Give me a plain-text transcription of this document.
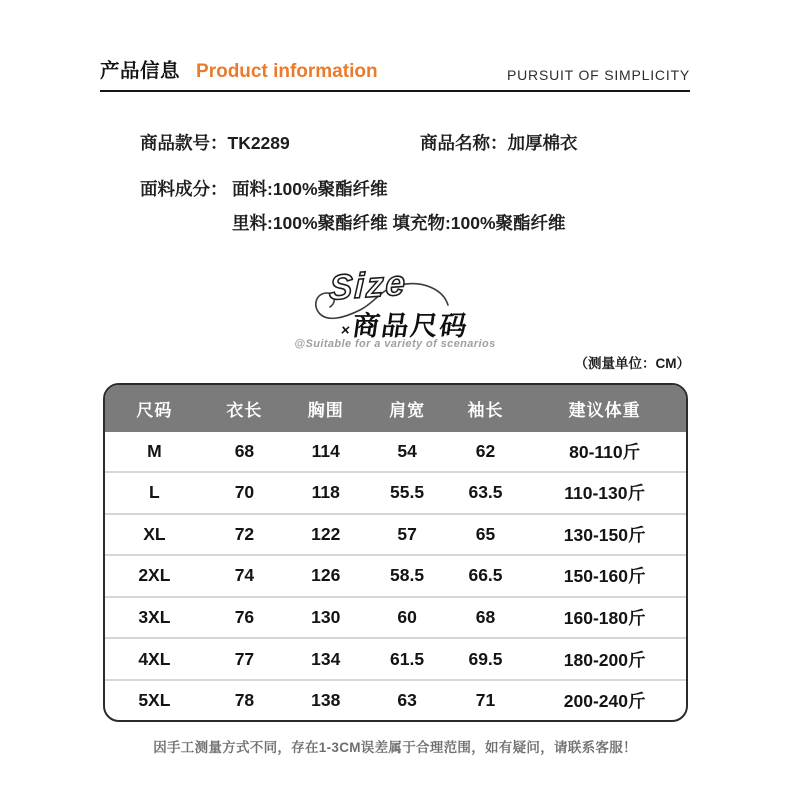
产品信息 Product information	PURSUIT OF SIMPLICITY
商品款号：TK2289	商品名称：加厚棉衣
面料成分： 面料:100%聚酯纤维
里料:100%聚酯纤维 填充物:100%聚酯纤维
Size
× 商品尺码
@Suitable for a variety of scenarios
（测量单位：CM）
尺码	衣长	胸围	肩宽	袖长	建议体重
M	68	114	54	62	80-110斤
L	70	118	55.5	63.5	110-130斤
XL	72	122	57	65	130-150斤
2XL	74	126	58.5	66.5	150-160斤
3XL	76	130	60	68	160-180斤
4XL	77	134	61.5	69.5	180-200斤
5XL	78	138	63	71	200-240斤
因手工测量方式不同，存在1-3CM误差属于合理范围，如有疑问，请联系客服！
